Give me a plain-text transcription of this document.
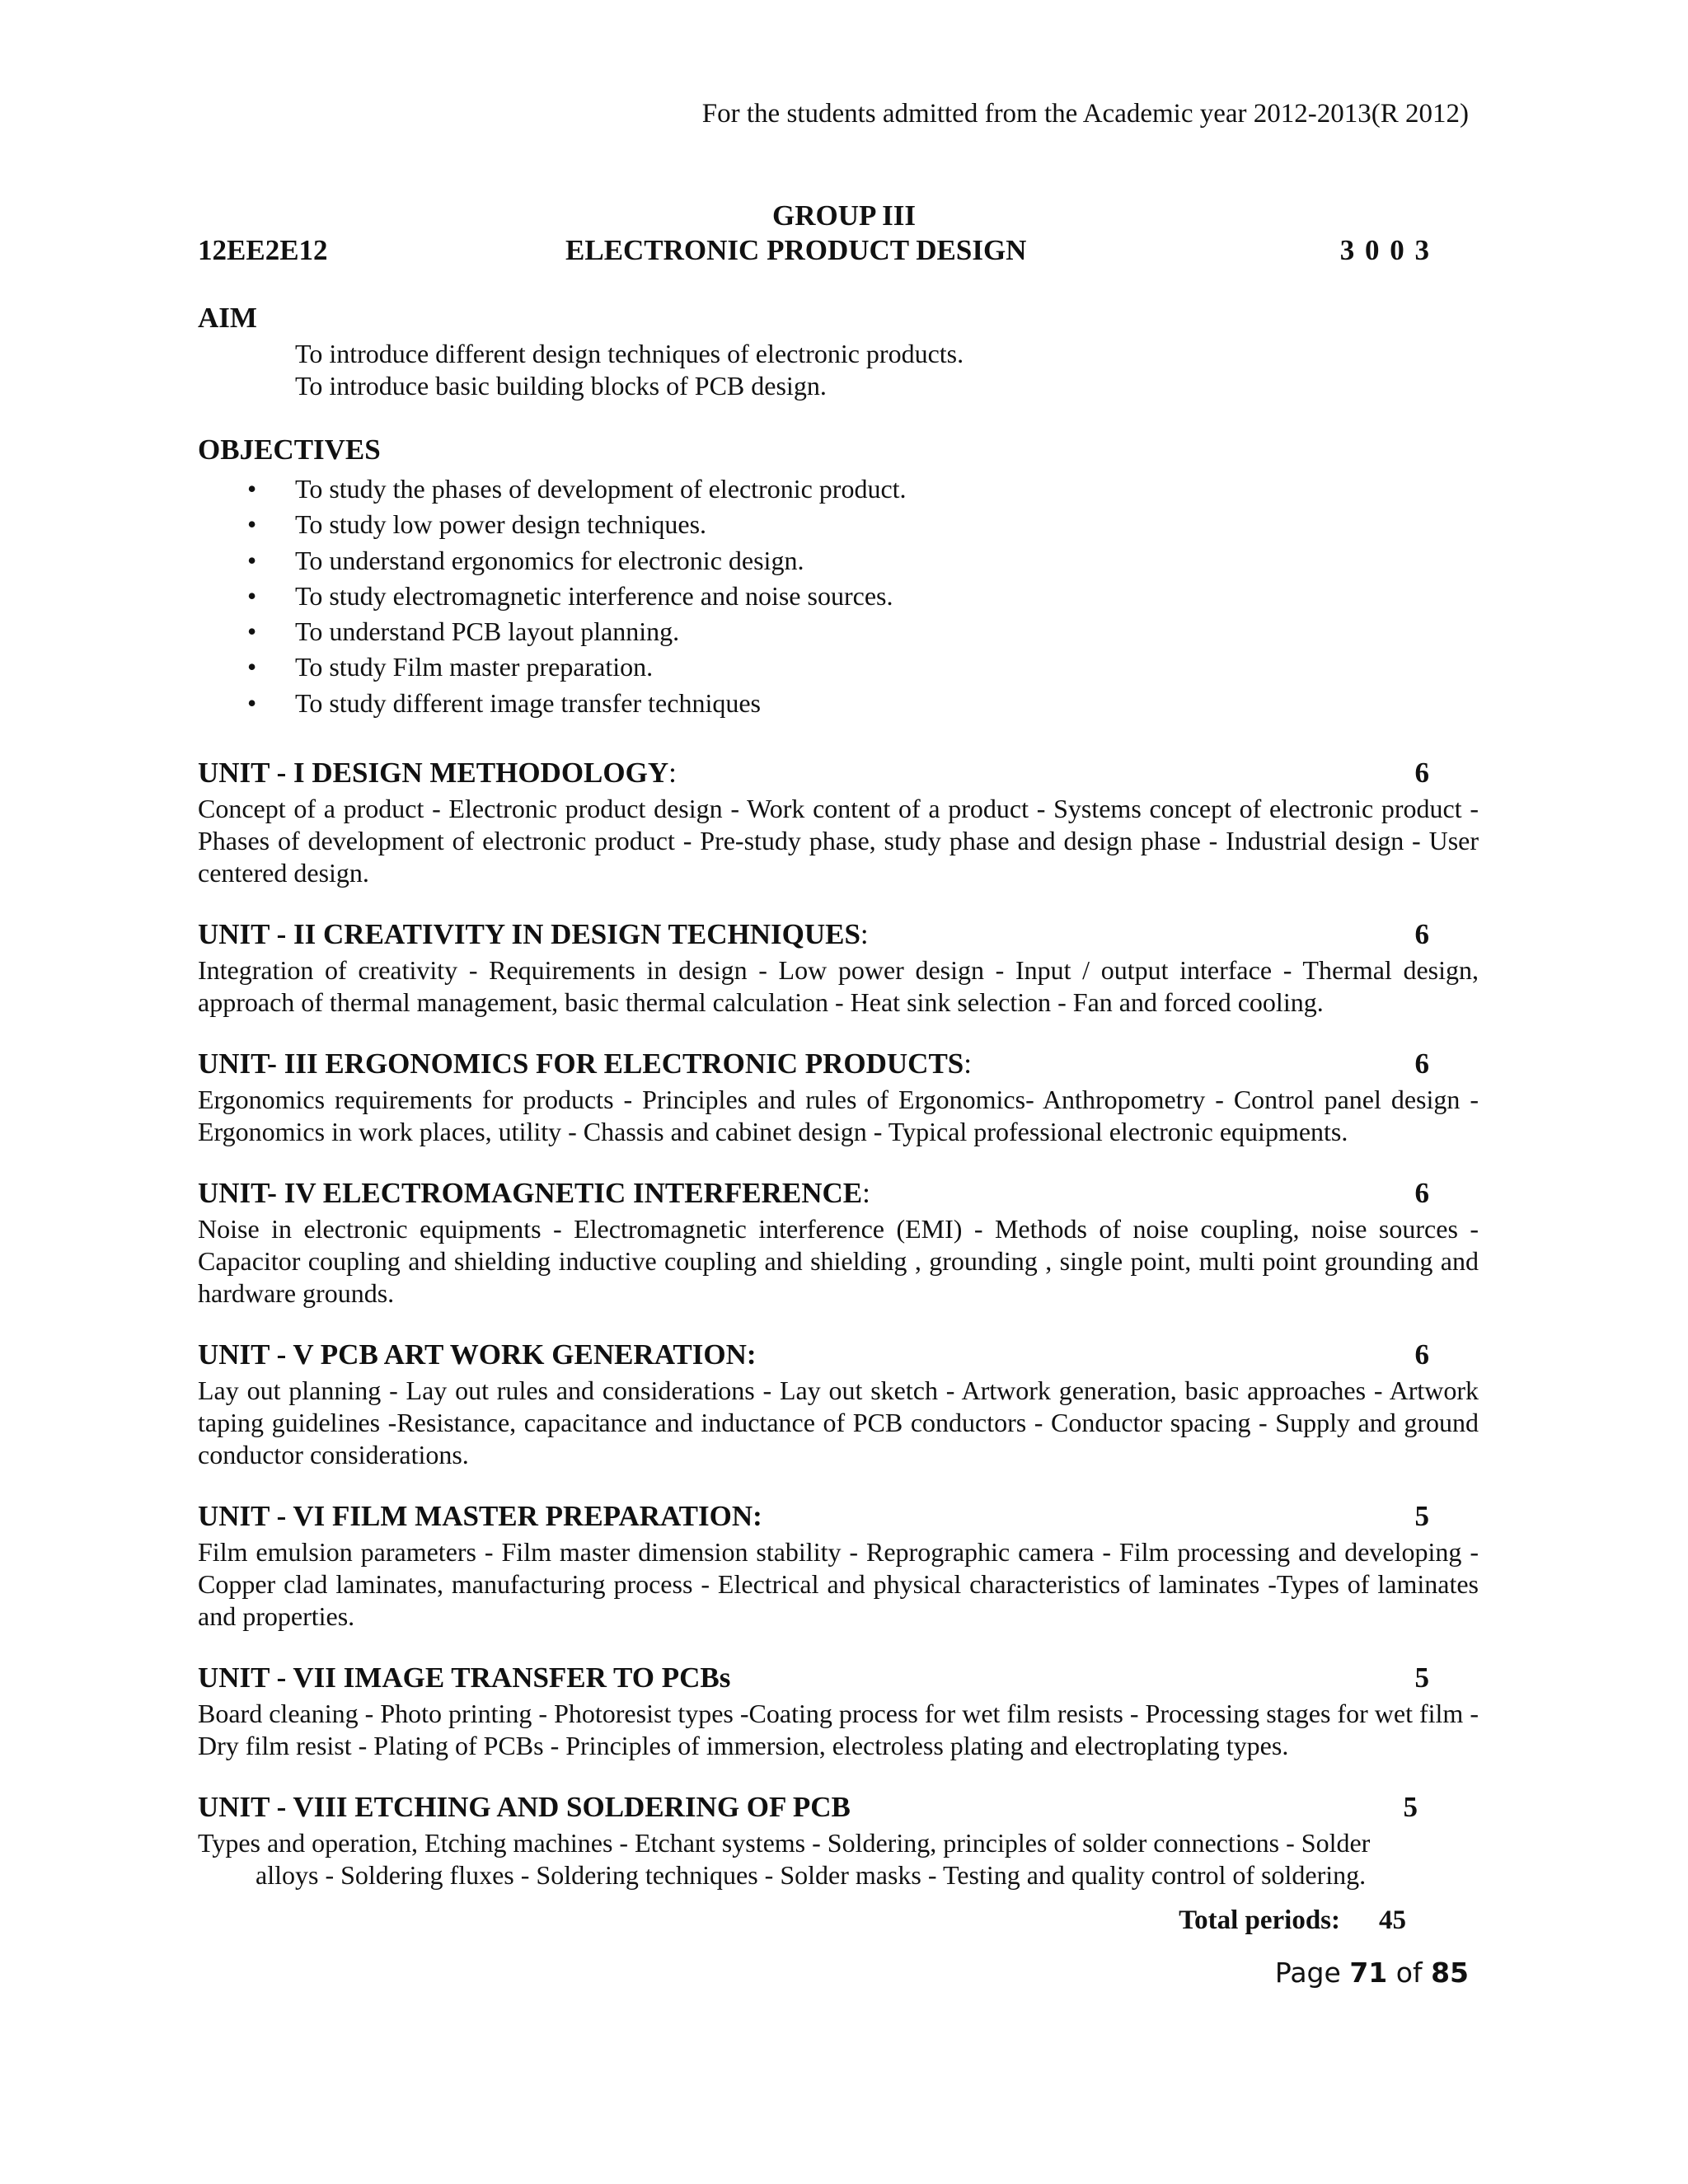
For the students admitted from the Academic year 2012-2013(R 2012)
GROUP III
12EE2E12	ELECTRONIC PRODUCT DESIGN	3 0 0 3
AIM
To introduce different design techniques of electronic products.
To introduce basic building blocks of PCB design.
OBJECTIVES
• To study the phases of development of electronic product.
• To study low power design techniques.
• To understand ergonomics for electronic design.
• To study electromagnetic interference and noise sources.
• To understand PCB layout planning.
• To study Film master preparation.
• To study different image transfer techniques
UNIT - I DESIGN METHODOLOGY:	6
Concept of a product - Electronic product design - Work content of a product - Systems concept of electronic product - Phases of development of electronic product - Pre-study phase, study phase and design phase - Industrial design - User centered design.
UNIT - II CREATIVITY IN DESIGN TECHNIQUES:	6
Integration of creativity - Requirements in design - Low power design - Input / output interface - Thermal design, approach of thermal management, basic thermal calculation - Heat sink selection - Fan and forced cooling.
UNIT- III ERGONOMICS FOR ELECTRONIC PRODUCTS:	6
Ergonomics requirements for products - Principles and rules of Ergonomics- Anthropometry - Control panel design - Ergonomics in work places, utility - Chassis and cabinet design - Typical professional electronic equipments.
UNIT- IV ELECTROMAGNETIC INTERFERENCE:	6
Noise in electronic equipments - Electromagnetic interference (EMI) - Methods of noise coupling, noise sources -Capacitor coupling and shielding inductive coupling and shielding , grounding , single point, multi point grounding and hardware grounds.
UNIT - V PCB ART WORK GENERATION:	6
Lay out planning - Lay out rules and considerations - Lay out sketch - Artwork generation, basic approaches - Artwork taping guidelines -Resistance, capacitance and inductance of PCB conductors - Conductor spacing - Supply and ground conductor considerations.
UNIT - VI FILM MASTER PREPARATION:	5
Film emulsion parameters - Film master dimension stability - Reprographic camera - Film processing and developing - Copper clad laminates, manufacturing process - Electrical and physical characteristics of laminates -Types of laminates and properties.
UNIT - VII IMAGE TRANSFER TO PCBs	5
Board cleaning - Photo printing - Photoresist types -Coating process for wet film resists - Processing stages for wet film - Dry film resist - Plating of PCBs - Principles of immersion, electroless plating and electroplating types.
UNIT - VIII ETCHING AND SOLDERING OF PCB	5
Types and operation, Etching machines - Etchant systems - Soldering, principles of solder connections - Solder alloys - Soldering fluxes - Soldering techniques - Solder masks - Testing and quality control of soldering.
Total periods: 45
Page 71 of 85
